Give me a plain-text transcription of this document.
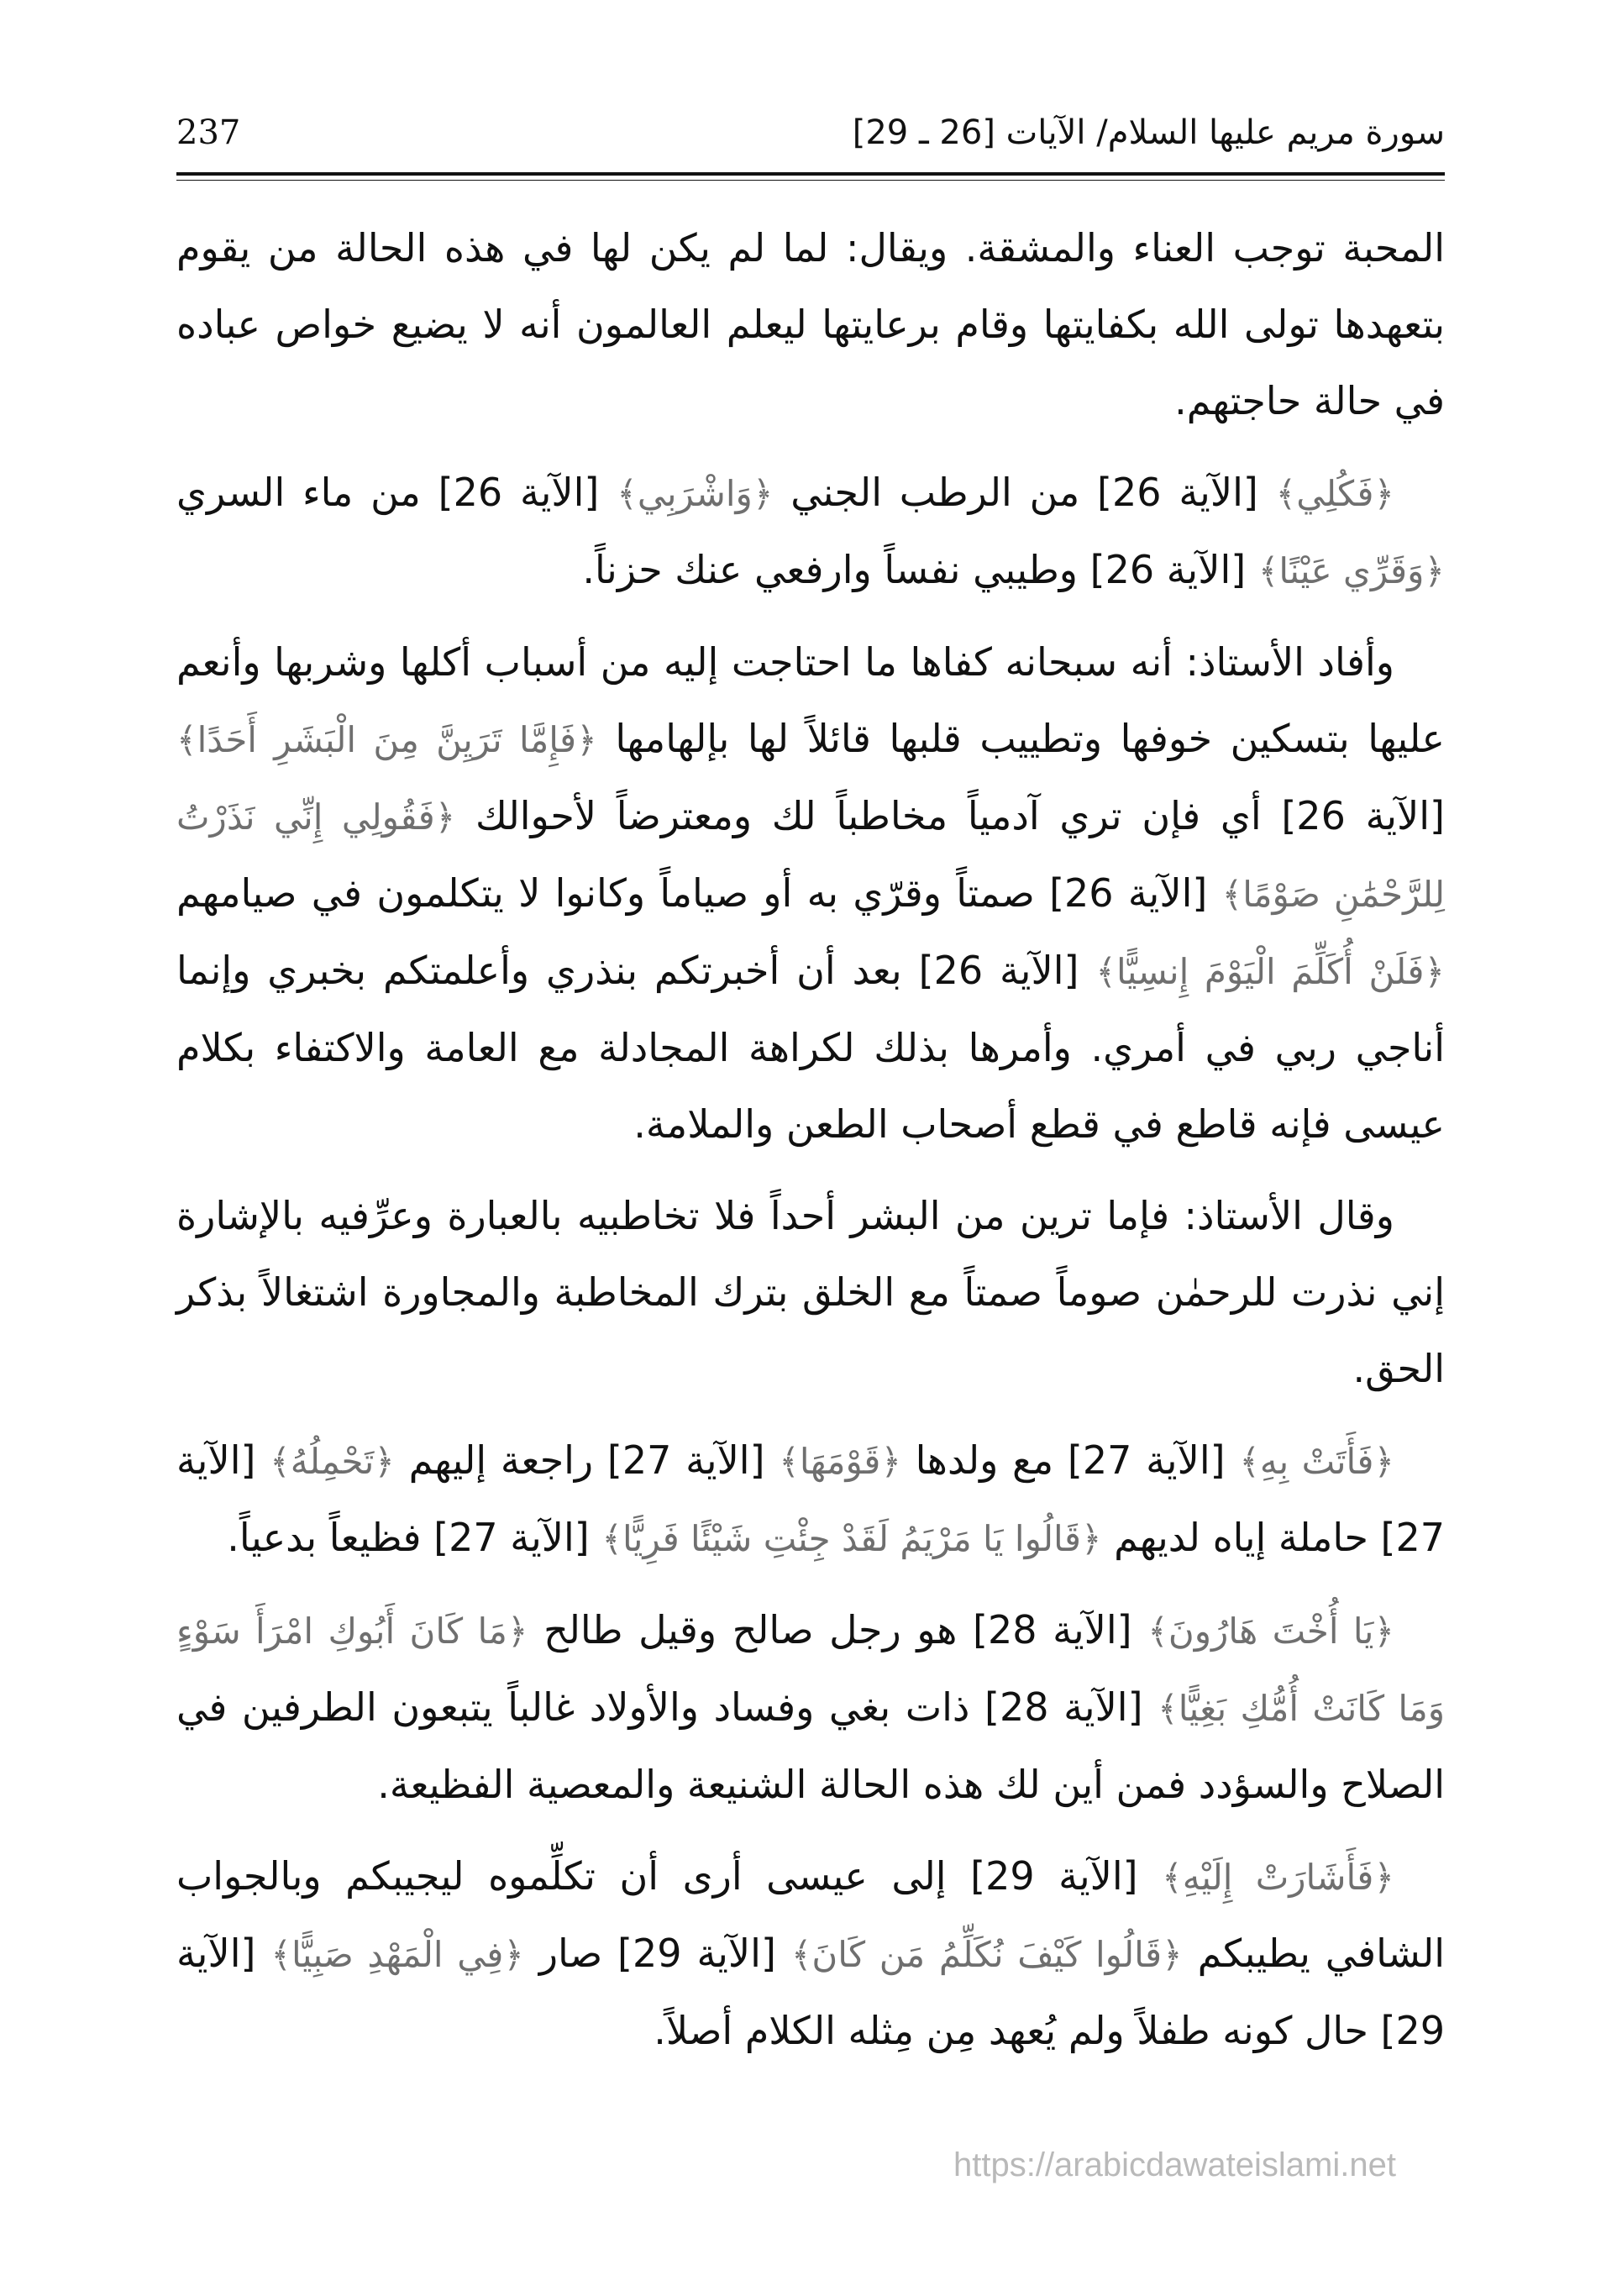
سورة مريم عليها السلام/ الآيات [26 ـ 29]
237

المحبة توجب العناء والمشقة. ويقال: لما لم يكن لها في هذه الحالة من يقوم بتعهدها تولى الله بكفايتها وقام برعايتها ليعلم العالمون أنه لا يضيع خواص عباده في حالة حاجتهم.

﴿فَكُلِي﴾ [الآية 26] من الرطب الجني ﴿وَاشْرَبِي﴾ [الآية 26] من ماء السري ﴿وَقَرِّي عَيْنًا﴾ [الآية 26] وطيبي نفساً وارفعي عنك حزناً.

وأفاد الأستاذ: أنه سبحانه كفاها ما احتاجت إليه من أسباب أكلها وشربها وأنعم عليها بتسكين خوفها وتطييب قلبها قائلاً لها بإلهامها ﴿فَإِمَّا تَرَيِنَّ مِنَ الْبَشَرِ أَحَدًا﴾ [الآية 26] أي فإن تري آدمياً مخاطباً لك ومعترضاً لأحوالك ﴿فَقُولِي إِنِّي نَذَرْتُ لِلرَّحْمَٰنِ صَوْمًا﴾ [الآية 26] صمتاً وقرّي به أو صياماً وكانوا لا يتكلمون في صيامهم ﴿فَلَنْ أُكَلِّمَ الْيَوْمَ إِنسِيًّا﴾ [الآية 26] بعد أن أخبرتكم بنذري وأعلمتكم بخبري وإنما أناجي ربي في أمري. وأمرها بذلك لكراهة المجادلة مع العامة والاكتفاء بكلام عيسى فإنه قاطع في قطع أصحاب الطعن والملامة.

وقال الأستاذ: فإما ترين من البشر أحداً فلا تخاطبيه بالعبارة وعرِّفيه بالإشارة إني نذرت للرحمٰن صوماً صمتاً مع الخلق بترك المخاطبة والمجاورة اشتغالاً بذكر الحق.

﴿فَأَتَتْ بِهِ﴾ [الآية 27] مع ولدها ﴿قَوْمَهَا﴾ [الآية 27] راجعة إليهم ﴿تَحْمِلُهُ﴾ [الآية 27] حاملة إياه لديهم ﴿قَالُوا يَا مَرْيَمُ لَقَدْ جِئْتِ شَيْئًا فَرِيًّا﴾ [الآية 27] فظيعاً بدعياً.

﴿يَا أُخْتَ هَارُونَ﴾ [الآية 28] هو رجل صالح وقيل طالح ﴿مَا كَانَ أَبُوكِ امْرَأَ سَوْءٍ وَمَا كَانَتْ أُمُّكِ بَغِيًّا﴾ [الآية 28] ذات بغي وفساد والأولاد غالباً يتبعون الطرفين في الصلاح والسؤدد فمن أين لك هذه الحالة الشنيعة والمعصية الفظيعة.

﴿فَأَشَارَتْ إِلَيْهِ﴾ [الآية 29] إلى عيسى أرى أن تكلِّموه ليجيبكم وبالجواب الشافي يطيبكم ﴿قَالُوا كَيْفَ نُكَلِّمُ مَن كَانَ﴾ [الآية 29] صار ﴿فِي الْمَهْدِ صَبِيًّا﴾ [الآية 29] حال كونه طفلاً ولم يُعهد مِن مِثله الكلام أصلاً.

https://arabicdawateislami.net
